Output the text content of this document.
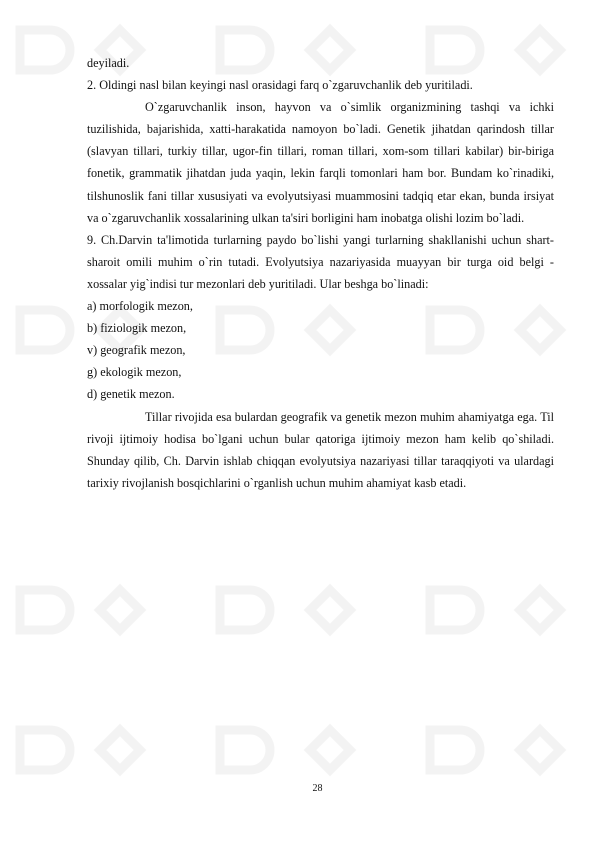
deyiladi.

2. Oldingi nasl bilan keyingi nasl orasidagi farq o`zgaruvchanlik deb yuritiladi.

O`zgaruvchanlik inson, hayvon va o`simlik organizmining tashqi va ichki tuzilishida, bajarishida, xatti-harakatida namoyon bo`ladi. Genetik jihatdan qarindosh tillar (slavyan tillari, turkiy tillar, ugor-fin tillari, roman tillari, xom-som tillari kabilar) bir-biriga fonetik, grammatik jihatdan juda yaqin, lekin farqli tomonlari ham bor. Bundam ko`rinadiki, tilshunoslik fani tillar xususiyati va evolyutsiyasi muammosini tadqiq etar ekan, bunda irsiyat va o`zgaruvchanlik xossalarining ulkan ta'siri borligini ham inobatga olishi lozim bo`ladi.

9. Ch.Darvin ta'limotida turlarning paydo bo`lishi yangi turlarning shakllanishi uchun shart-sharoit omili muhim o`rin tutadi. Evolyutsiya nazariyasida muayyan bir turga oid belgi - xossalar yig`indisi tur mezonlari deb yuritiladi. Ular beshga bo`linadi:

a) morfologik mezon,

b) fiziologik mezon,

v) geografik mezon,

g) ekologik mezon,

d) genetik mezon.

Tillar rivojida esa bulardan geografik va genetik mezon muhim ahamiyatga ega. Til rivoji ijtimoiy hodisa bo`lgani uchun bular qatoriga ijtimoiy mezon ham kelib qo`shiladi. Shunday qilib, Ch. Darvin ishlab chiqqan evolyutsiya nazariyasi tillar taraqqiyoti va ulardagi tarixiy rivojlanish bosqichlarini o`rganlish uchun muhim ahamiyat kasb etadi.

28
